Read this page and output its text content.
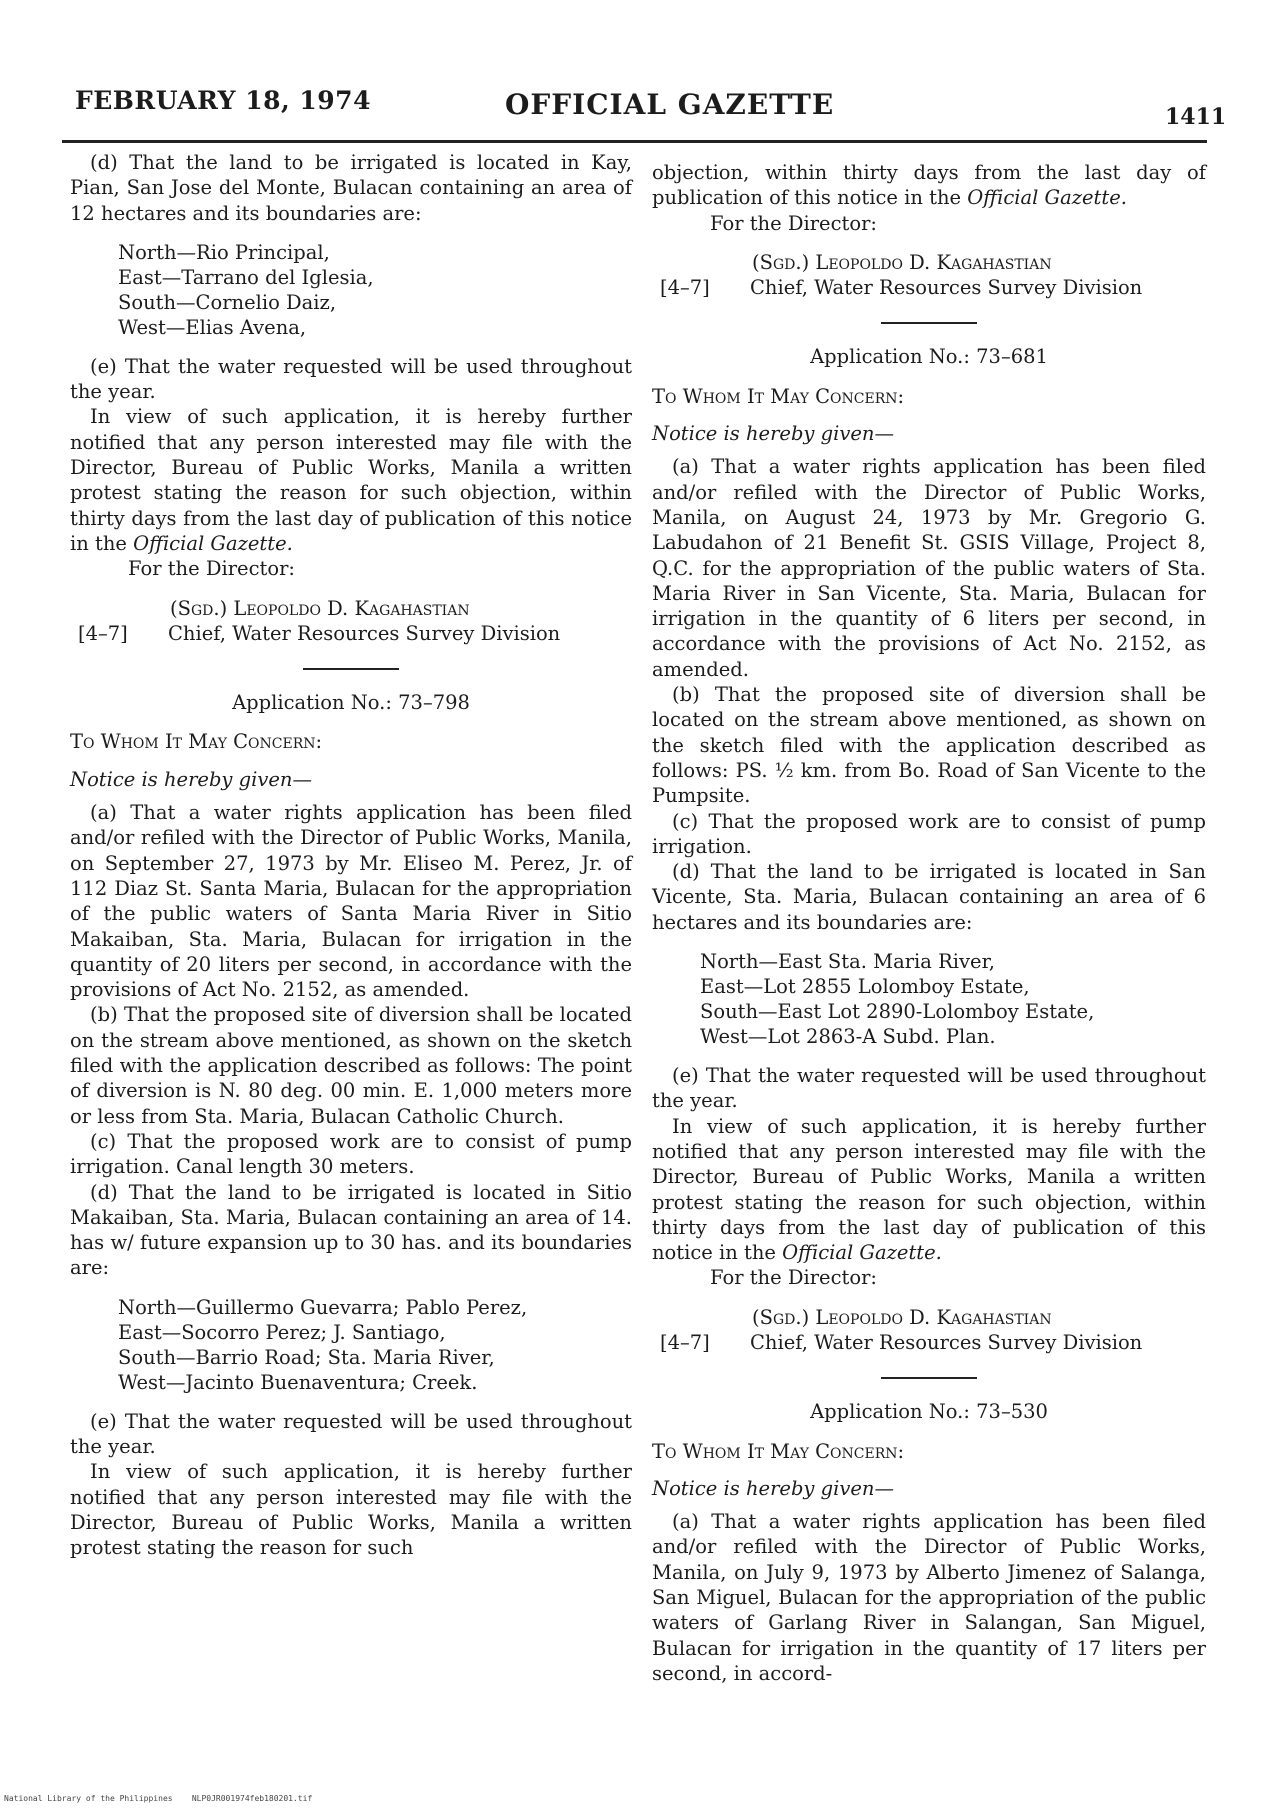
FEBRUARY 18, 1974	OFFICIAL GAZETTE	1411

(d) That the land to be irrigated is located in Kay, Pian, San Jose del Monte, Bulacan containing an area of 12 hectares and its boundaries are:

North—Rio Principal,
East—Tarrano del Iglesia,
South—Cornelio Daiz,
West—Elias Avena,

(e) That the water requested will be used throughout the year.

In view of such application, it is hereby further notified that any person interested may file with the Director, Bureau of Public Works, Manila a written protest stating the reason for such objection, within thirty days from the last day of publication of this notice in the Official Gazette.

For the Director:

(Sgd.) Leopoldo D. Kagahastian
[4–7]	Chief, Water Resources Survey Division

Application No.: 73–798

To Whom It May Concern:

Notice is hereby given—

(a) That a water rights application has been filed and/or refiled with the Director of Public Works, Manila, on September 27, 1973 by Mr. Eliseo M. Perez, Jr. of 112 Diaz St. Santa Maria, Bulacan for the appropriation of the public waters of Santa Maria River in Sitio Makaiban, Sta. Maria, Bulacan for irrigation in the quantity of 20 liters per second, in accordance with the provisions of Act No. 2152, as amended.

(b) That the proposed site of diversion shall be located on the stream above mentioned, as shown on the sketch filed with the application described as follows: The point of diversion is N. 80 deg. 00 min. E. 1,000 meters more or less from Sta. Maria, Bulacan Catholic Church.

(c) That the proposed work are to consist of pump irrigation. Canal length 30 meters.

(d) That the land to be irrigated is located in Sitio Makaiban, Sta. Maria, Bulacan containing an area of 14. has w/ future expansion up to 30 has. and its boundaries are:

North—Guillermo Guevarra; Pablo Perez,
East—Socorro Perez; J. Santiago,
South—Barrio Road; Sta. Maria River,
West—Jacinto Buenaventura; Creek.

(e) That the water requested will be used throughout the year.

In view of such application, it is hereby further notified that any person interested may file with the Director, Bureau of Public Works, Manila a written protest stating the reason for such

objection, within thirty days from the last day of publication of this notice in the Official Gazette.

For the Director:

(Sgd.) Leopoldo D. Kagahastian
[4–7]	Chief, Water Resources Survey Division

Application No.: 73–681

To Whom It May Concern:

Notice is hereby given—

(a) That a water rights application has been filed and/or refiled with the Director of Public Works, Manila, on August 24, 1973 by Mr. Gregorio G. Labudahon of 21 Benefit St. GSIS Village, Project 8, Q.C. for the appropriation of the public waters of Sta. Maria River in San Vicente, Sta. Maria, Bulacan for irrigation in the quantity of 6 liters per second, in accordance with the provisions of Act No. 2152, as amended.

(b) That the proposed site of diversion shall be located on the stream above mentioned, as shown on the sketch filed with the application described as follows: PS. ½ km. from Bo. Road of San Vicente to the Pumpsite.

(c) That the proposed work are to consist of pump irrigation.

(d) That the land to be irrigated is located in San Vicente, Sta. Maria, Bulacan containing an area of 6 hectares and its boundaries are:

North—East Sta. Maria River,
East—Lot 2855 Lolomboy Estate,
South—East Lot 2890-Lolomboy Estate,
West—Lot 2863-A Subd. Plan.

(e) That the water requested will be used throughout the year.

In view of such application, it is hereby further notified that any person interested may file with the Director, Bureau of Public Works, Manila a written protest stating the reason for such objection, within thirty days from the last day of publication of this notice in the Official Gazette.

For the Director:

(Sgd.) Leopoldo D. Kagahastian
[4–7]	Chief, Water Resources Survey Division

Application No.: 73–530

To Whom It May Concern:

Notice is hereby given—

(a) That a water rights application has been filed and/or refiled with the Director of Public Works, Manila, on July 9, 1973 by Alberto Jimenez of Salanga, San Miguel, Bulacan for the appropriation of the public waters of Garlang River in Salangan, San Miguel, Bulacan for irrigation in the quantity of 17 liters per second, in accord-

National Library of the Philippines NLP0JR001974feb180201.tif
